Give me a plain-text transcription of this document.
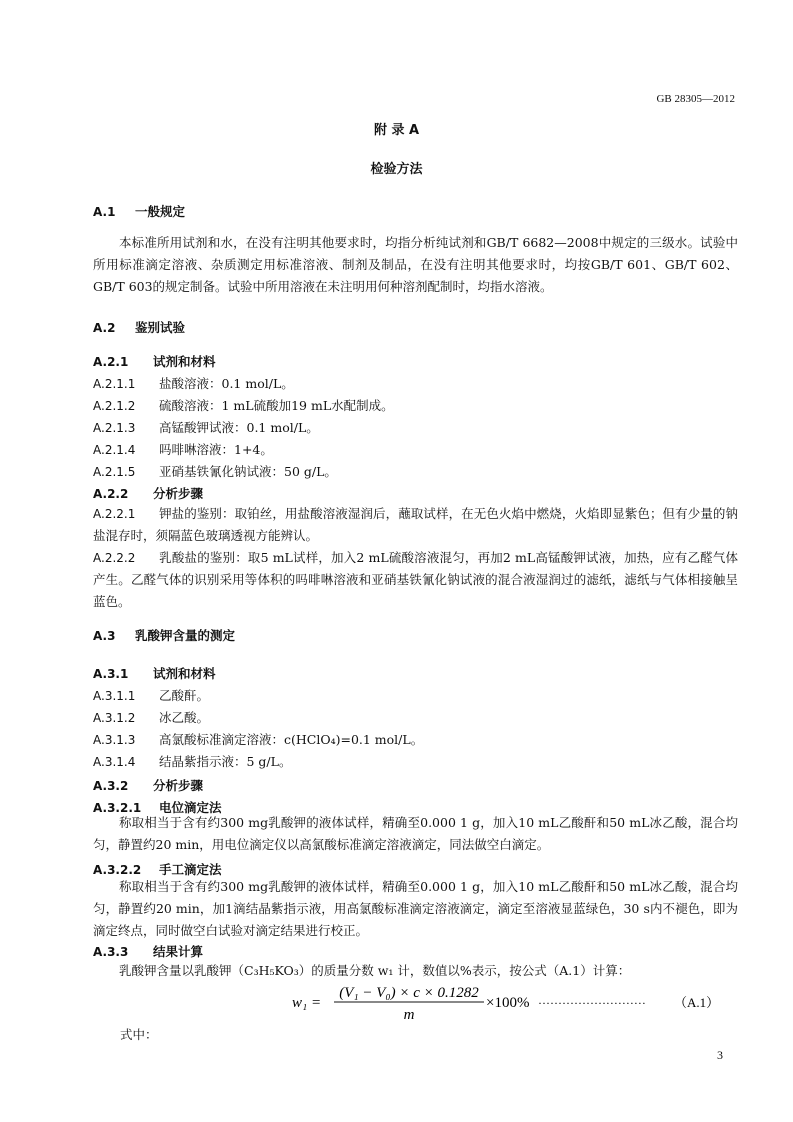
GB 28305—2012
附 录 A
检验方法
A.1 一般规定
本标准所用试剂和水，在没有注明其他要求时，均指分析纯试剂和GB/T 6682—2008中规定的三级水。试验中所用标准滴定溶液、杂质测定用标准溶液、制剂及制品，在没有注明其他要求时，均按GB/T 601、GB/T 602、GB/T 603的规定制备。试验中所用溶液在未注明用何种溶剂配制时，均指水溶液。
A.2 鉴别试验
A.2.1 试剂和材料
A.2.1.1 盐酸溶液：0.1 mol/L。
A.2.1.2 硫酸溶液：1 mL硫酸加19 mL水配制成。
A.2.1.3 高锰酸钾试液：0.1 mol/L。
A.2.1.4 吗啡啉溶液：1+4。
A.2.1.5 亚硝基铁氰化钠试液：50 g/L。
A.2.2 分析步骤
A.2.2.1 钾盐的鉴别：取铂丝，用盐酸溶液湿润后，蘸取试样，在无色火焰中燃烧，火焰即显紫色；但有少量的钠盐混存时，须隔蓝色玻璃透视方能辨认。
A.2.2.2 乳酸盐的鉴别：取5 mL试样，加入2 mL硫酸溶液混匀，再加2 mL高锰酸钾试液，加热，应有乙醛气体产生。乙醛气体的识别采用等体积的吗啡啉溶液和亚硝基铁氰化钠试液的混合液湿润过的滤纸，滤纸与气体相接触呈蓝色。
A.3 乳酸钾含量的测定
A.3.1 试剂和材料
A.3.1.1 乙酸酐。
A.3.1.2 冰乙酸。
A.3.1.3 高氯酸标准滴定溶液：c(HClO₄)=0.1 mol/L。
A.3.1.4 结晶紫指示液：5 g/L。
A.3.2 分析步骤
A.3.2.1 电位滴定法
称取相当于含有约300 mg乳酸钾的液体试样，精确至0.000 1 g，加入10 mL乙酸酐和50 mL冰乙酸，混合均匀，静置约20 min，用电位滴定仪以高氯酸标准滴定溶液滴定，同法做空白滴定。
A.3.2.2 手工滴定法
称取相当于含有约300 mg乳酸钾的液体试样，精确至0.000 1 g，加入10 mL乙酸酐和50 mL冰乙酸，混合均匀，静置约20 min，加1滴结晶紫指示液，用高氯酸标准滴定溶液滴定，滴定至溶液显蓝绿色，30 s内不褪色，即为滴定终点，同时做空白试验对滴定结果进行校正。
A.3.3 结果计算
乳酸钾含量以乳酸钾（C₃H₅KO₃）的质量分数 w₁ 计，数值以%表示，按公式（A.1）计算：
w₁ =
(V₁ − V₀) × c × 0.1282
m
×100% ··························· （A.1）
式中：
3
